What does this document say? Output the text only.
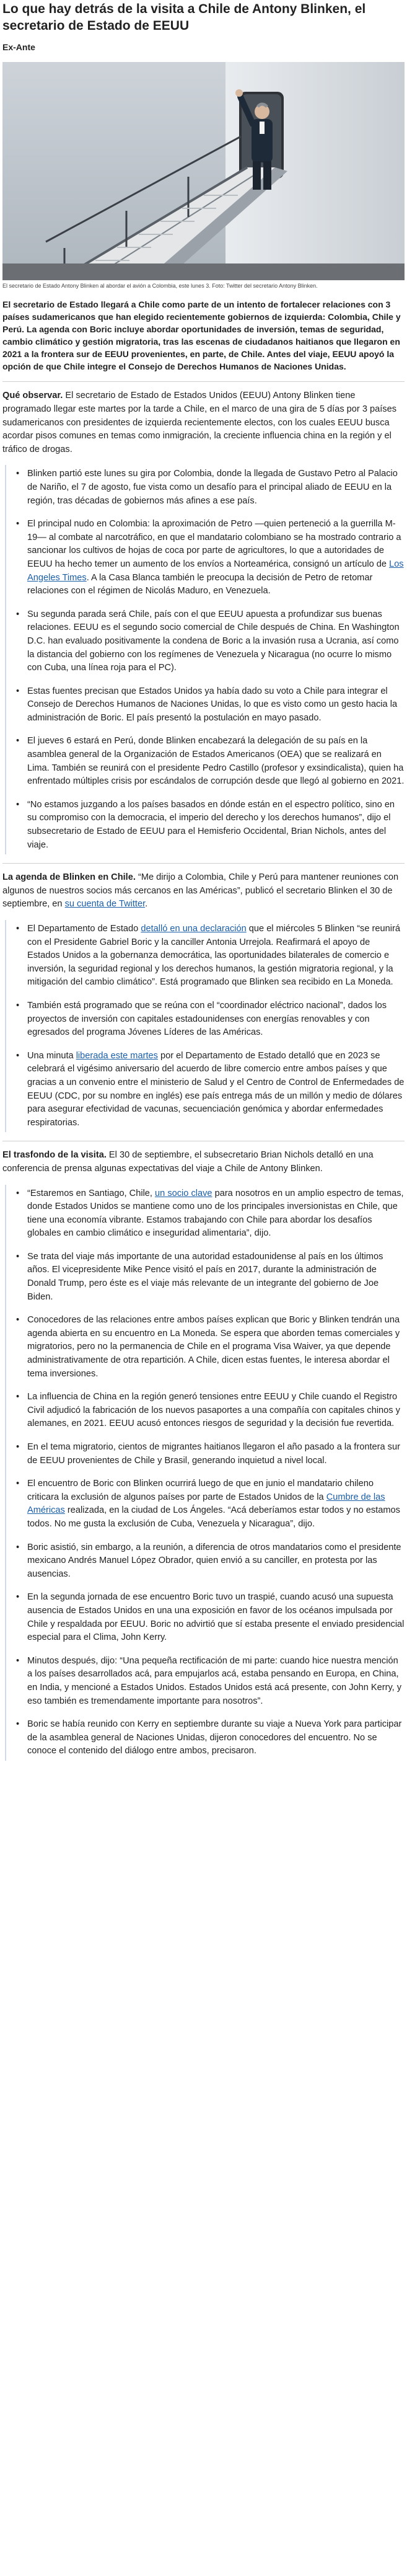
Lo que hay detrás de la visita a Chile de Antony Blinken, el secretario de Estado de EEUU
Ex-Ante
El secretario de Estado Antony Blinken al abordar el avión a Colombia, este lunes 3. Foto: Twitter del secretario Antony Blinken.

El secretario de Estado llegará a Chile como parte de un intento de fortalecer relaciones con 3 países sudamericanos que han elegido recientemente gobiernos de izquierda: Colombia, Chile y Perú. La agenda con Boric incluye abordar oportunidades de inversión, temas de seguridad, cambio climático y gestión migratoria, tras las escenas de ciudadanos haitianos que llegaron en 2021 a la frontera sur de EEUU provenientes, en parte, de Chile. Antes del viaje, EEUU apoyó la opción de que Chile integre el Consejo de Derechos Humanos de Naciones Unidas.

Qué observar. El secretario de Estado de Estados Unidos (EEUU) Antony Blinken tiene programado llegar este martes por la tarde a Chile, en el marco de una gira de 5 días por 3 países sudamericanos con presidentes de izquierda recientemente electos, con los cuales EEUU busca acordar pisos comunes en temas como inmigración, la creciente influencia china en la región y el tráfico de drogas.

• Blinken partió este lunes su gira por Colombia, donde la llegada de Gustavo Petro al Palacio de Nariño, el 7 de agosto, fue vista como un desafío para el principal aliado de EEUU en la región, tras décadas de gobiernos más afines a ese país.

• El principal nudo en Colombia: la aproximación de Petro —quien perteneció a la guerrilla M-19— al combate al narcotráfico, en que el mandatario colombiano se ha mostrado contrario a sancionar los cultivos de hojas de coca por parte de agricultores, lo que a autoridades de EEUU ha hecho temer un aumento de los envíos a Norteamérica, consignó un artículo de Los Angeles Times. A la Casa Blanca también le preocupa la decisión de Petro de retomar relaciones con el régimen de Nicolás Maduro, en Venezuela.

• Su segunda parada será Chile, país con el que EEUU apuesta a profundizar sus buenas relaciones. EEUU es el segundo socio comercial de Chile después de China. En Washington D.C. han evaluado positivamente la condena de Boric a la invasión rusa a Ucrania, así como la distancia del gobierno con los regímenes de Venezuela y Nicaragua (no ocurre lo mismo con Cuba, una línea roja para el PC).

• Estas fuentes precisan que Estados Unidos ya había dado su voto a Chile para integrar el Consejo de Derechos Humanos de Naciones Unidas, lo que es visto como un gesto hacia la administración de Boric. El país presentó la postulación en mayo pasado.

• El jueves 6 estará en Perú, donde Blinken encabezará la delegación de su país en la asamblea general de la Organización de Estados Americanos (OEA) que se realizará en Lima. También se reunirá con el presidente Pedro Castillo (profesor y exsindicalista), quien ha enfrentado múltiples crisis por escándalos de corrupción desde que llegó al gobierno en 2021.

• “No estamos juzgando a los países basados en dónde están en el espectro político, sino en su compromiso con la democracia, el imperio del derecho y los derechos humanos”, dijo el subsecretario de Estado de EEUU para el Hemisferio Occidental, Brian Nichols, antes del viaje.

La agenda de Blinken en Chile. “Me dirijo a Colombia, Chile y Perú para mantener reuniones con algunos de nuestros socios más cercanos en las Américas”, publicó el secretario Blinken el 30 de septiembre, en su cuenta de Twitter.

• El Departamento de Estado detalló en una declaración que el miércoles 5 Blinken “se reunirá con el Presidente Gabriel Boric y la canciller Antonia Urrejola. Reafirmará el apoyo de Estados Unidos a la gobernanza democrática, las oportunidades bilaterales de comercio e inversión, la seguridad regional y los derechos humanos, la gestión migratoria regional, y la mitigación del cambio climático”. Está programado que Blinken sea recibido en La Moneda.

• También está programado que se reúna con el “coordinador eléctrico nacional”, dados los proyectos de inversión con capitales estadounidenses con energías renovables y con egresados del programa Jóvenes Líderes de las Américas.

• Una minuta liberada este martes por el Departamento de Estado detalló que en 2023 se celebrará el vigésimo aniversario del acuerdo de libre comercio entre ambos países y que gracias a un convenio entre el ministerio de Salud y el Centro de Control de Enfermedades de EEUU (CDC, por su nombre en inglés) ese país entrega más de un millón y medio de dólares para asegurar efectividad de vacunas, secuenciación genómica y abordar enfermedades respiratorias.

El trasfondo de la visita. El 30 de septiembre, el subsecretario Brian Nichols detalló en una conferencia de prensa algunas expectativas del viaje a Chile de Antony Blinken.

• “Estaremos en Santiago, Chile, un socio clave para nosotros en un amplio espectro de temas, donde Estados Unidos se mantiene como uno de los principales inversionistas en Chile, que tiene una economía vibrante. Estamos trabajando con Chile para abordar los desafíos globales en cambio climático e inseguridad alimentaria”, dijo.

• Se trata del viaje más importante de una autoridad estadounidense al país en los últimos años. El vicepresidente Mike Pence visitó el país en 2017, durante la administración de Donald Trump, pero éste es el viaje más relevante de un integrante del gobierno de Joe Biden.

• Conocedores de las relaciones entre ambos países explican que Boric y Blinken tendrán una agenda abierta en su encuentro en La Moneda. Se espera que aborden temas comerciales y migratorios, pero no la permanencia de Chile en el programa Visa Waiver, ya que depende administrativamente de otra repartición. A Chile, dicen estas fuentes, le interesa abordar el tema inversiones.

• La influencia de China en la región generó tensiones entre EEUU y Chile cuando el Registro Civil adjudicó la fabricación de los nuevos pasaportes a una compañía con capitales chinos y alemanes, en 2021. EEUU acusó entonces riesgos de seguridad y la decisión fue revertida.

• En el tema migratorio, cientos de migrantes haitianos llegaron el año pasado a la frontera sur de EEUU provenientes de Chile y Brasil, generando inquietud a nivel local.

• El encuentro de Boric con Blinken ocurrirá luego de que en junio el mandatario chileno criticara la exclusión de algunos países por parte de Estados Unidos de la Cumbre de las Américas realizada, en la ciudad de Los Ángeles. “Acá deberíamos estar todos y no estamos todos. No me gusta la exclusión de Cuba, Venezuela y Nicaragua”, dijo.

• Boric asistió, sin embargo, a la reunión, a diferencia de otros mandatarios como el presidente mexicano Andrés Manuel López Obrador, quien envió a su canciller, en protesta por las ausencias.

• En la segunda jornada de ese encuentro Boric tuvo un traspié, cuando acusó una supuesta ausencia de Estados Unidos en una una exposición en favor de los océanos impulsada por Chile y respaldada por EEUU. Boric no advirtió que sí estaba presente el enviado presidencial especial para el Clima, John Kerry.

• Minutos después, dijo: “Una pequeña rectificación de mi parte: cuando hice nuestra mención a los países desarrollados acá, para empujarlos acá, estaba pensando en Europa, en China, en India, y mencioné a Estados Unidos. Estados Unidos está acá presente, con John Kerry, y eso también es tremendamente importante para nosotros”.

• Boric se había reunido con Kerry en septiembre durante su viaje a Nueva York para participar de la asamblea general de Naciones Unidas, dijeron conocedores del encuentro. No se conoce el contenido del diálogo entre ambos, precisaron.
